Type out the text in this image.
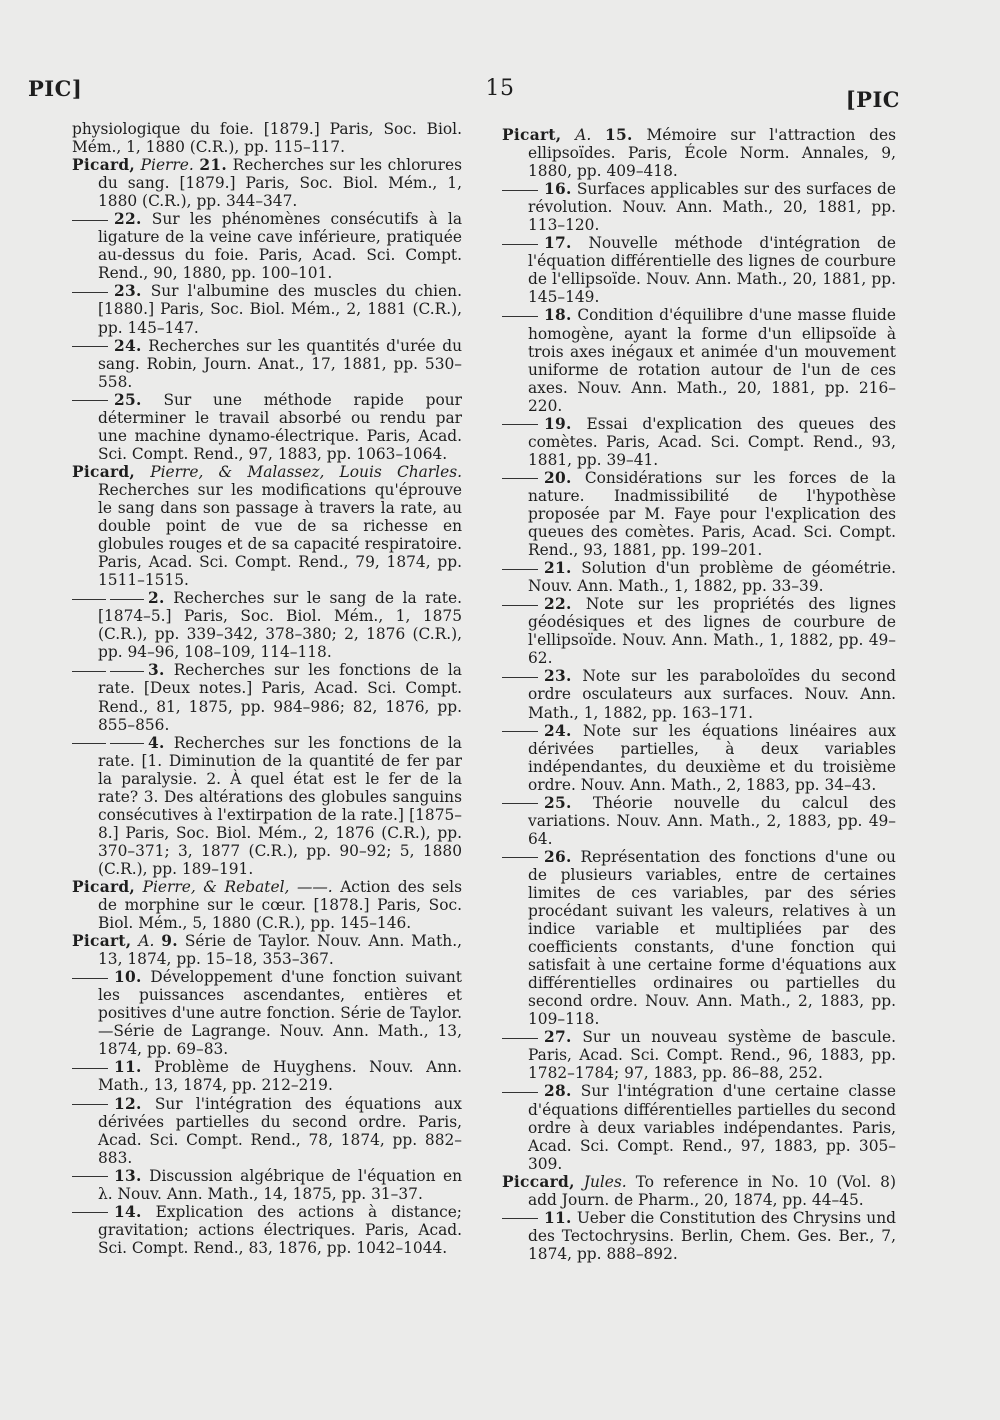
PIC]	15	[PIC

physiologique du foie. [1879.] Paris, Soc. Biol. Mém., 1, 1880 (C.R.), pp. 115–117.

Picard, Pierre. 21. Recherches sur les chlorures du sang. [1879.] Paris, Soc. Biol. Mém., 1, 1880 (C.R.), pp. 344–347.

22. Sur les phénomènes consécutifs à la ligature de la veine cave inférieure, pratiquée au-dessus du foie. Paris, Acad. Sci. Compt. Rend., 90, 1880, pp. 100–101.

23. Sur l'albumine des muscles du chien. [1880.] Paris, Soc. Biol. Mém., 2, 1881 (C.R.), pp. 145–147.

24. Recherches sur les quantités d'urée du sang. Robin, Journ. Anat., 17, 1881, pp. 530–558.

25. Sur une méthode rapide pour déterminer le travail absorbé ou rendu par une machine dynamo-électrique. Paris, Acad. Sci. Compt. Rend., 97, 1883, pp. 1063–1064.

Picard, Pierre, & Malassez, Louis Charles. Recherches sur les modifications qu'éprouve le sang dans son passage à travers la rate, au double point de vue de sa richesse en globules rouges et de sa capacité respiratoire. Paris, Acad. Sci. Compt. Rend., 79, 1874, pp. 1511–1515.

2. Recherches sur le sang de la rate. [1874–5.] Paris, Soc. Biol. Mém., 1, 1875 (C.R.), pp. 339–342, 378–380; 2, 1876 (C.R.), pp. 94–96, 108–109, 114–118.

3. Recherches sur les fonctions de la rate. [Deux notes.] Paris, Acad. Sci. Compt. Rend., 81, 1875, pp. 984–986; 82, 1876, pp. 855–856.

4. Recherches sur les fonctions de la rate. [1. Diminution de la quantité de fer par la paralysie. 2. À quel état est le fer de la rate? 3. Des altérations des globules sanguins consécutives à l'extirpation de la rate.] [1875–8.] Paris, Soc. Biol. Mém., 2, 1876 (C.R.), pp. 370–371; 3, 1877 (C.R.), pp. 90–92; 5, 1880 (C.R.), pp. 189–191.

Picard, Pierre, & Rebatel, ——. Action des sels de morphine sur le cœur. [1878.] Paris, Soc. Biol. Mém., 5, 1880 (C.R.), pp. 145–146.

Picart, A. 9. Série de Taylor. Nouv. Ann. Math., 13, 1874, pp. 15–18, 353–367.

10. Développement d'une fonction suivant les puissances ascendantes, entières et positives d'une autre fonction. Série de Taylor.—Série de Lagrange. Nouv. Ann. Math., 13, 1874, pp. 69–83.

11. Problème de Huyghens. Nouv. Ann. Math., 13, 1874, pp. 212–219.

12. Sur l'intégration des équations aux dérivées partielles du second ordre. Paris, Acad. Sci. Compt. Rend., 78, 1874, pp. 882–883.

13. Discussion algébrique de l'équation en λ. Nouv. Ann. Math., 14, 1875, pp. 31–37.

14. Explication des actions à distance; gravitation; actions électriques. Paris, Acad. Sci. Compt. Rend., 83, 1876, pp. 1042–1044.

Picart, A. 15. Mémoire sur l'attraction des ellipsoïdes. Paris, École Norm. Annales, 9, 1880, pp. 409–418.

16. Surfaces applicables sur des surfaces de révolution. Nouv. Ann. Math., 20, 1881, pp. 113–120.

17. Nouvelle méthode d'intégration de l'équation différentielle des lignes de courbure de l'ellipsoïde. Nouv. Ann. Math., 20, 1881, pp. 145–149.

18. Condition d'équilibre d'une masse fluide homogène, ayant la forme d'un ellipsoïde à trois axes inégaux et animée d'un mouvement uniforme de rotation autour de l'un de ces axes. Nouv. Ann. Math., 20, 1881, pp. 216–220.

19. Essai d'explication des queues des comètes. Paris, Acad. Sci. Compt. Rend., 93, 1881, pp. 39–41.

20. Considérations sur les forces de la nature. Inadmissibilité de l'hypothèse proposée par M. Faye pour l'explication des queues des comètes. Paris, Acad. Sci. Compt. Rend., 93, 1881, pp. 199–201.

21. Solution d'un problème de géométrie. Nouv. Ann. Math., 1, 1882, pp. 33–39.

22. Note sur les propriétés des lignes géodésiques et des lignes de courbure de l'ellipsoïde. Nouv. Ann. Math., 1, 1882, pp. 49–62.

23. Note sur les paraboloïdes du second ordre osculateurs aux surfaces. Nouv. Ann. Math., 1, 1882, pp. 163–171.

24. Note sur les équations linéaires aux dérivées partielles, à deux variables indépendantes, du deuxième et du troisième ordre. Nouv. Ann. Math., 2, 1883, pp. 34–43.

25. Théorie nouvelle du calcul des variations. Nouv. Ann. Math., 2, 1883, pp. 49–64.

26. Représentation des fonctions d'une ou de plusieurs variables, entre de certaines limites de ces variables, par des séries procédant suivant les valeurs, relatives à un indice variable et multipliées par des coefficients constants, d'une fonction qui satisfait à une certaine forme d'équations aux différentielles ordinaires ou partielles du second ordre. Nouv. Ann. Math., 2, 1883, pp. 109–118.

27. Sur un nouveau système de bascule. Paris, Acad. Sci. Compt. Rend., 96, 1883, pp. 1782–1784; 97, 1883, pp. 86–88, 252.

28. Sur l'intégration d'une certaine classe d'équations différentielles partielles du second ordre à deux variables indépendantes. Paris, Acad. Sci. Compt. Rend., 97, 1883, pp. 305–309.

Piccard, Jules. To reference in No. 10 (Vol. 8) add Journ. de Pharm., 20, 1874, pp. 44–45.

11. Ueber die Constitution des Chrysins und des Tectochrysins. Berlin, Chem. Ges. Ber., 7, 1874, pp. 888–892.
